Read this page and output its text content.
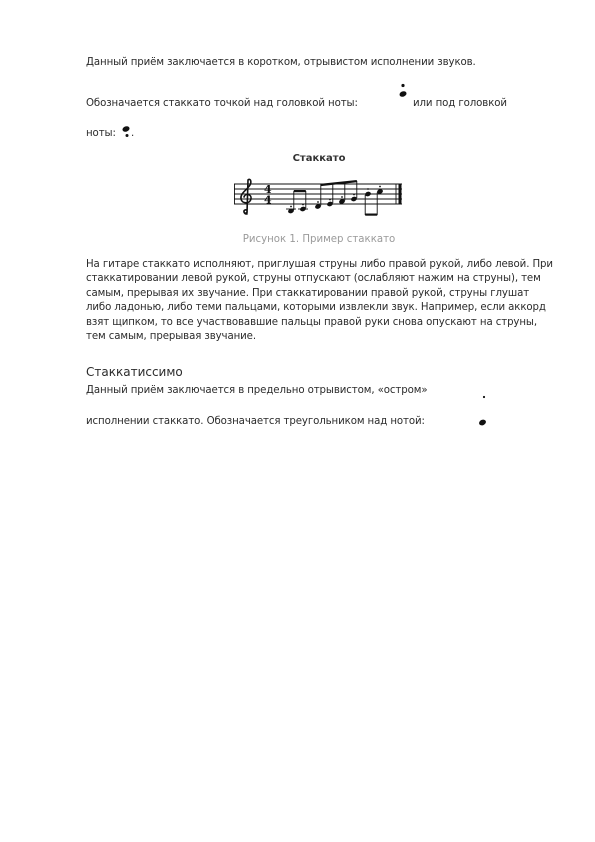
Данный приём заключается в коротком, отрывистом исполнении звуков.
Обозначается стаккато точкой над головкой ноты:	или под головкой
ноты: .
Стаккато
4
4
Рисунок 1. Пример стаккато
На гитаре стаккато исполняют, приглушая струны либо правой рукой, либо левой. При стаккатировании левой рукой, струны отпускают (ослабляют нажим на струны), тем самым, прерывая их звучание. При стаккатировании правой рукой, струны глушат либо ладонью, либо теми пальцами, которыми извлекли звук. Например, если аккорд взят щипком, то все участвовавшие пальцы правой руки снова опускают на струны, тем самым, прерывая звучание.
Стаккатиссимо
Данный приём заключается в предельно отрывистом, «остром»
исполнении стаккато. Обозначается треугольником над нотой:
